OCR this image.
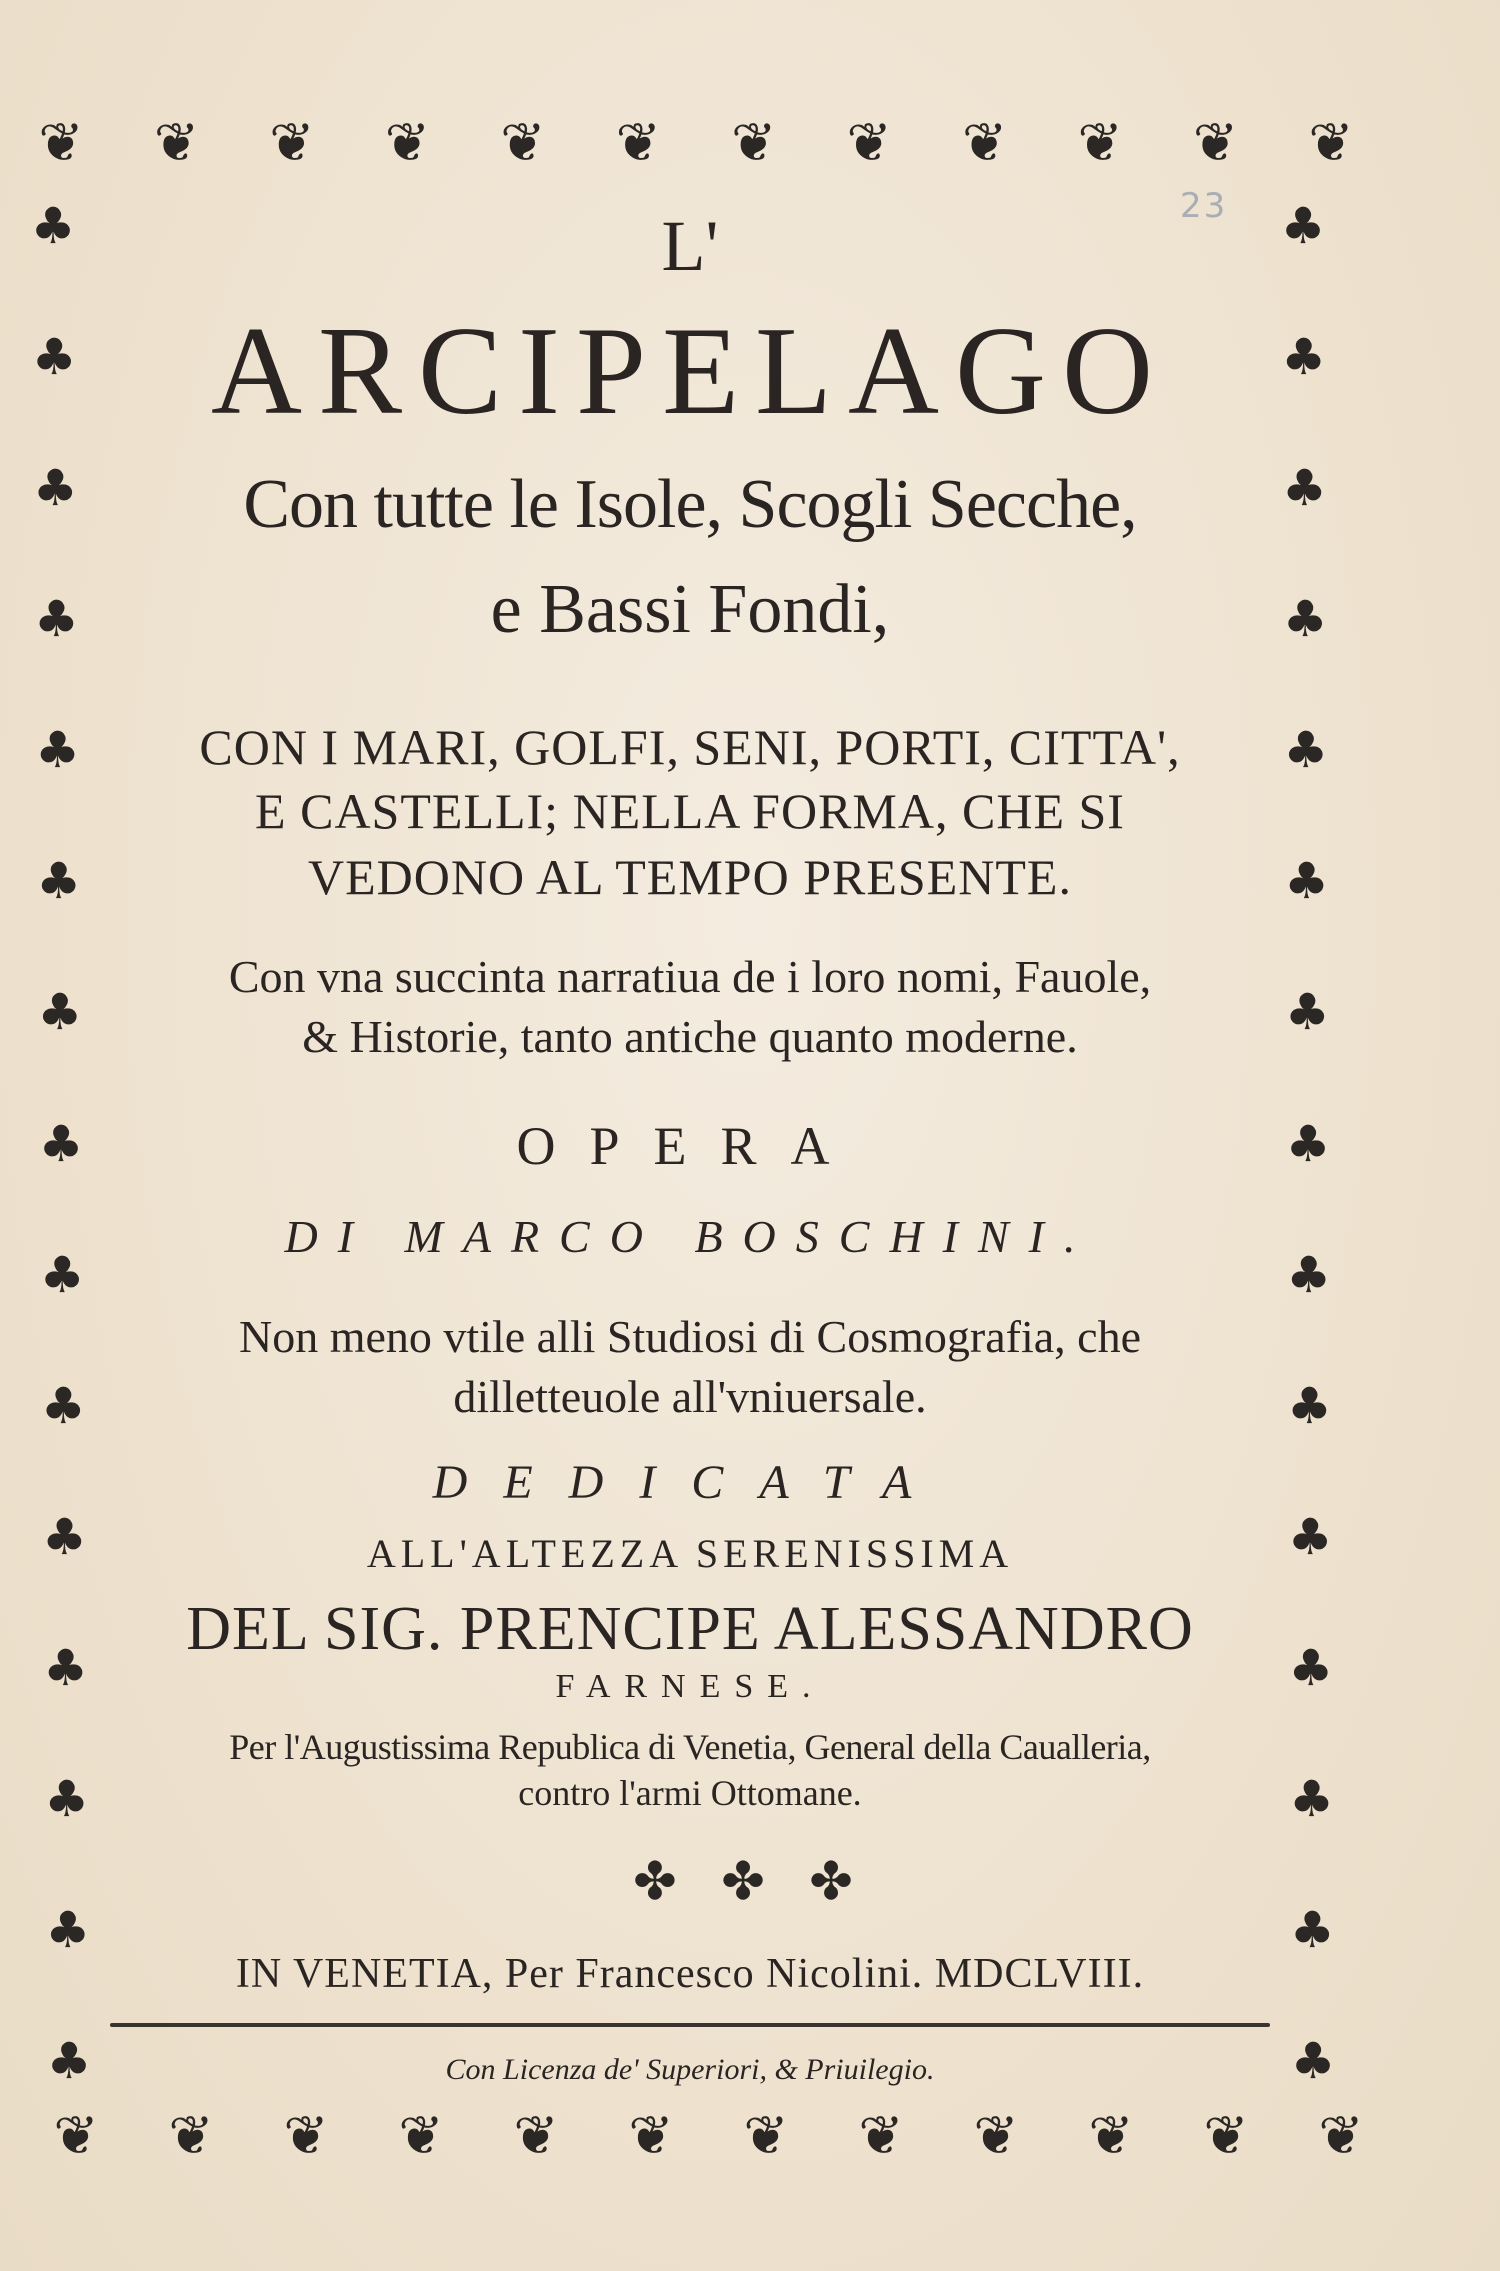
❦ ❦ ❦ ❦ ❦ ❦ ❦ ❦ ❦ ❦ ❦ ❦
❦ ❦ ❦ ❦ ❦ ❦ ❦ ❦ ❦ ❦ ❦ ❦
♣
♣
♣
♣
♣
♣
♣
♣
♣
♣
♣
♣
♣
♣
♣
♣
♣
♣
♣
♣
♣
♣
♣
♣
♣
♣
♣
♣
♣
♣
23
L'
ARCIPELAGO
Con tutte le Isole, Scogli Secche,
e Bassi Fondi,
CON I MARI, GOLFI, SENI, PORTI, CITTA',
E CASTELLI; NELLA FORMA, CHE SI
VEDONO AL TEMPO PRESENTE.
Con vna succinta narratiua de i loro nomi, Fauole,
& Historie, tanto antiche quanto moderne.
OPERA
DI MARCO BOSCHINI.
Non meno vtile alli Studiosi di Cosmografia, che
dilletteuole all'vniuersale.
DEDICATA
ALL'ALTEZZA SERENISSIMA
DEL SIG. PRENCIPE ALESSANDRO
FARNESE.
Per l'Augustissima Republica di Venetia, General della Caualleria,
contro l'armi Ottomane.
✤ ✤ ✤
IN VENETIA, Per Francesco Nicolini. MDCLVIII.
Con Licenza de' Superiori, & Priuilegio.
